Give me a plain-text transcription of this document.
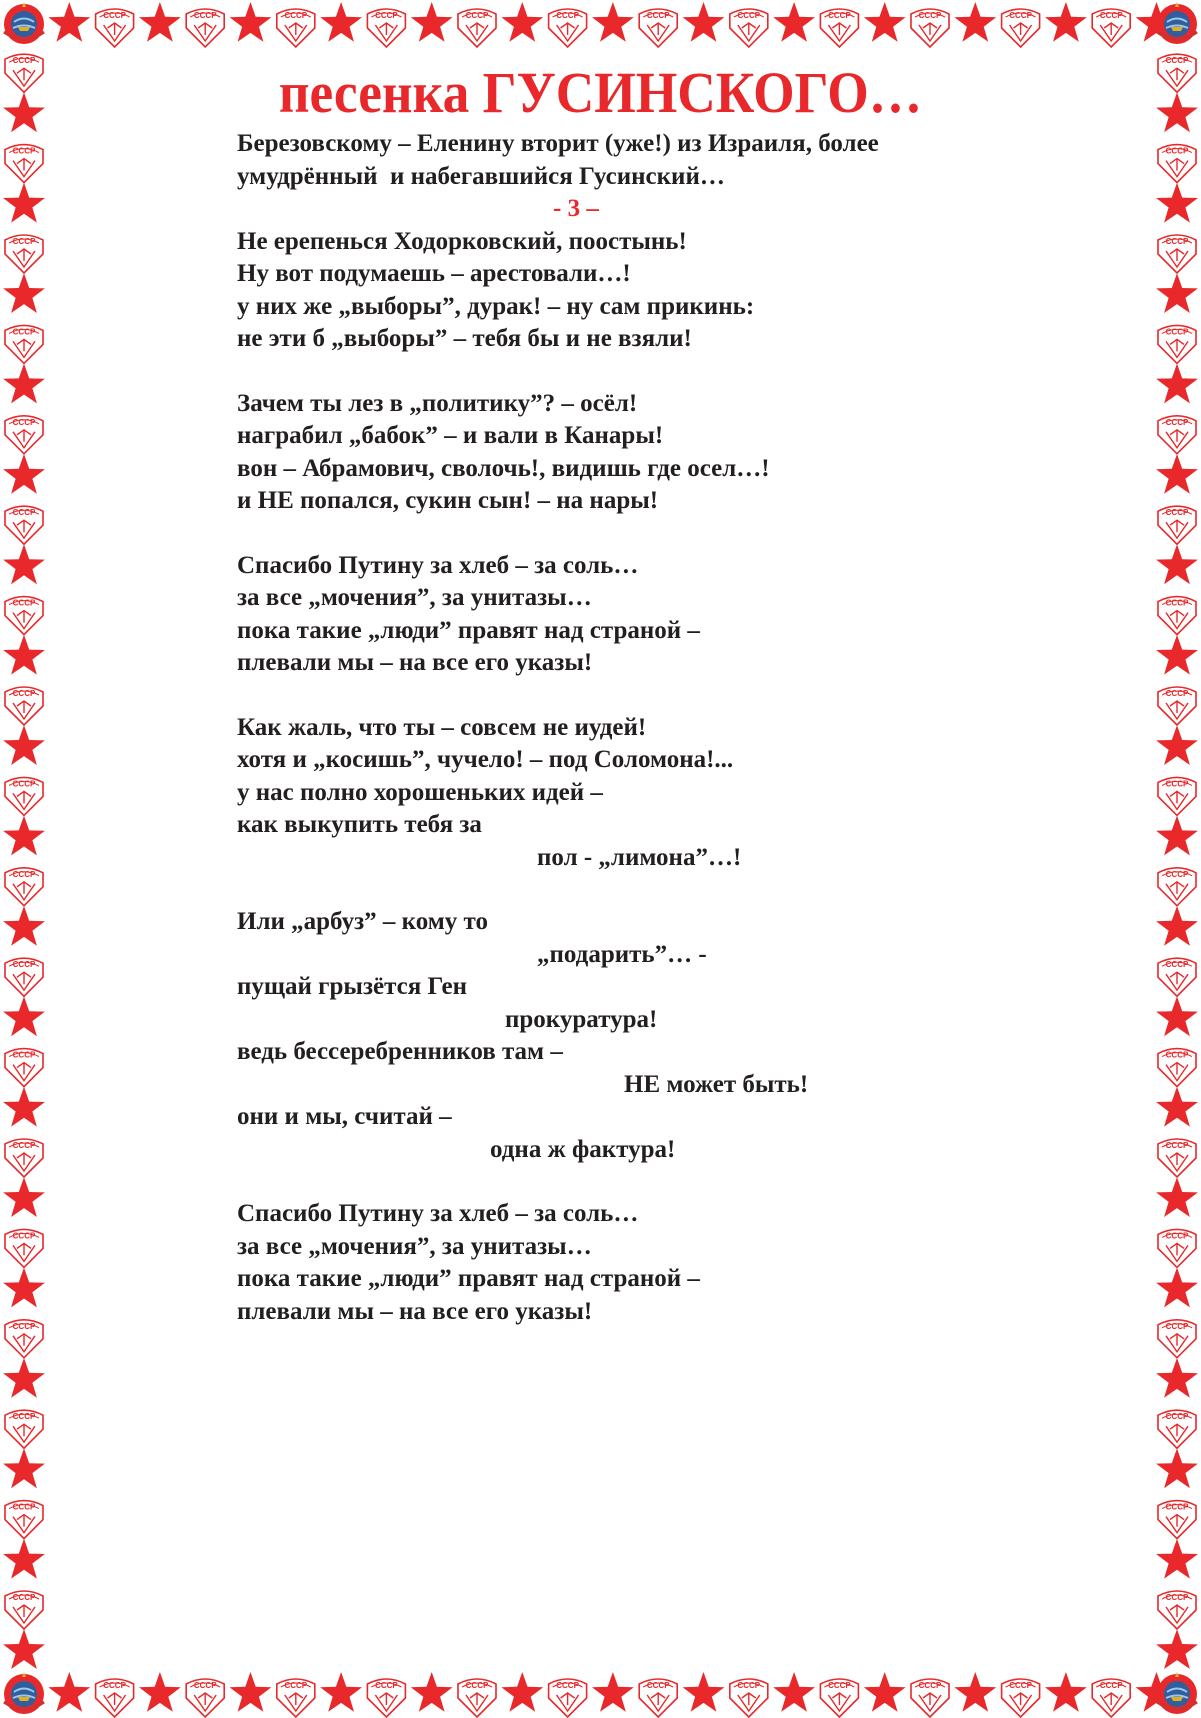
СССР
СССР
СССР
СССР
СССР
СССР
СССР
СССР
СССР
СССР
СССР
СССР
СССР
СССР
СССР
СССР
СССР
СССР
СССР
СССР
СССР
СССР
СССР
СССР
СССР	СССР
СССР	СССР
СССР	СССР
СССР	СССР
СССР	СССР
СССР	СССР
СССР	СССР
СССР	СССР
СССР	СССР
СССР	СССР
СССР	СССР
СССР	СССР
СССР	СССР
СССР	СССР
СССР	СССР
СССР	СССР
СССР	СССР
СССР	СССР
песенка ГУСИНСКОГО…
Березовскому – Еленину вторит (уже!) из Израиля, более
умудрённый  и набегавшийся Гусинский…
- 3 –
Не ерепенься Ходорковский, поостынь!
Ну вот подумаешь – арестовали…!
у них же „выборы”, дурак! – ну сам прикинь:
не эти б „выборы” – тебя бы и не взяли!
Зачем ты лез в „политику”? – осёл!
награбил „бабок” – и вали в Канары!
вон – Абрамович, сволочь!, видишь где осел…!
и НЕ попался, сукин сын! – на нары!
Спасибо Путину за хлеб – за соль…
за все „мочения”, за унитазы…
пока такие „люди” правят над страной –
плевали мы – на все его указы!
Как жаль, что ты – совсем не иудей!
хотя и „косишь”, чучело! – под Соломона!...
у нас полно хорошеньких идей –
как выкупить тебя за
пол - „лимона”…!
Или „арбуз” – кому то
„подарить”… -
пущай грызётся Ген
прокуратура!
ведь бессеребренников там –
НЕ может быть!
они и мы, считай –
одна ж фактура!
Спасибо Путину за хлеб – за соль…
за все „мочения”, за унитазы…
пока такие „люди” правят над страной –
плевали мы – на все его указы!
